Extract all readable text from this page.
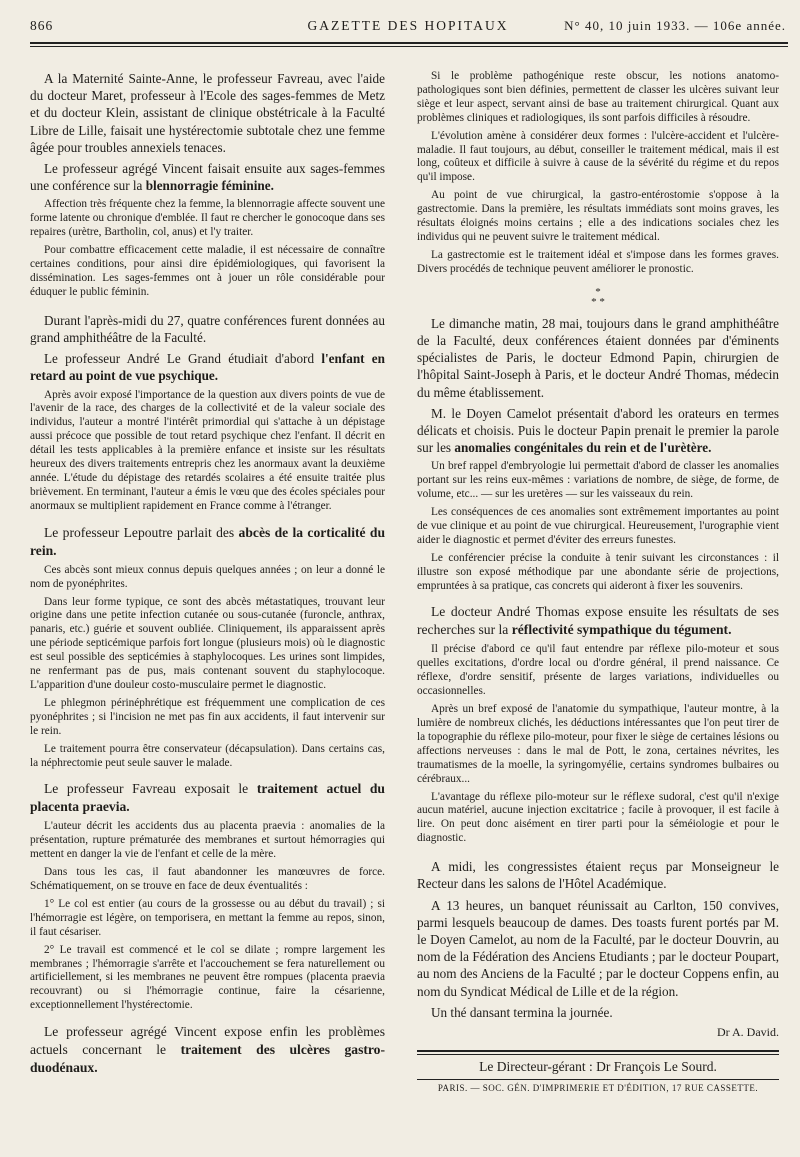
866	GAZETTE DES HOPITAUX	N° 40, 10 juin 1933. — 106e année.

A la Maternité Sainte-Anne, le professeur Favreau, avec l'aide du docteur Maret, professeur à l'Ecole des sages-femmes de Metz et du docteur Klein, assistant de clinique obstétricale à la Faculté Libre de Lille, faisait une hystérectomie subtotale chez une femme âgée pour troubles annexiels tenaces.

Le professeur agrégé Vincent faisait ensuite aux sages-femmes une conférence sur la blennorragie féminine.

Affection très fréquente chez la femme, la blennorragie affecte souvent une forme latente ou chronique d'emblée. Il faut re chercher le gonocoque dans ses repaires (urètre, Bartholin, col, anus) et l'y traiter.

Pour combattre efficacement cette maladie, il est nécessaire de connaître certaines conditions, pour ainsi dire épidémiologiques, qui favorisent la dissémination. Les sages-femmes ont à jouer un rôle considérable pour éduquer le public féminin.

Durant l'après-midi du 27, quatre conférences furent données au grand amphithéâtre de la Faculté.

Le professeur André Le Grand étudiait d'abord l'enfant en retard au point de vue psychique.

Après avoir exposé l'importance de la question aux divers points de vue de l'avenir de la race, des charges de la collectivité et de la valeur sociale des individus, l'auteur a montré l'intérêt primordial qui s'attache à un dépistage aussi précoce que possible de tout retard psychique chez l'enfant. Il décrit en détail les tests applicables à la première enfance et insiste sur les résultats heureux des divers traitements entrepris chez les anormaux avant la deuxième année. L'étude du dépistage des retardés scolaires a été ensuite traitée plus brièvement. En terminant, l'auteur a émis le vœu que des écoles spéciales pour anormaux se multiplient rapidement en France comme à l'étranger.

Le professeur Lepoutre parlait des abcès de la corticalité du rein.

Ces abcès sont mieux connus depuis quelques années ; on leur a donné le nom de pyonéphrites.

Dans leur forme typique, ce sont des abcès métastatiques, trouvant leur origine dans une petite infection cutanée ou sous-cutanée (furoncle, anthrax, panaris, etc.) guérie et souvent oubliée. Cliniquement, ils apparaissent après une période septicémique parfois fort longue (plusieurs mois) où le diagnostic est seul possible des septicémies à staphylocoques. Les urines sont limpides, ne renfermant pas de pus, mais contenant souvent du staphylocoque. L'apparition d'une douleur costo-musculaire permet le diagnostic.

Le phlegmon périnéphrétique est fréquemment une complication de ces pyonéphrites ; si l'incision ne met pas fin aux accidents, il faut intervenir sur le rein.

Le traitement pourra être conservateur (décapsulation). Dans certains cas, la néphrectomie peut seule sauver le malade.

Le professeur Favreau exposait le traitement actuel du placenta praevia.

L'auteur décrit les accidents dus au placenta praevia : anomalies de la présentation, rupture prématurée des membranes et surtout hémorragies qui mettent en danger la vie de l'enfant et celle de la mère.

Dans tous les cas, il faut abandonner les manœuvres de force. Schématiquement, on se trouve en face de deux éventualités :

1° Le col est entier (au cours de la grossesse ou au début du travail) ; si l'hémorragie est légère, on temporisera, en mettant la femme au repos, sinon, il faut césariser.

2° Le travail est commencé et le col se dilate ; rompre largement les membranes ; l'hémorragie s'arrête et l'accouchement se fera naturellement ou artificiellement, si les membranes ne peuvent être rompues (placenta praevia recouvrant) ou si l'hémorragie continue, faire la césarienne, exceptionnellement l'hystérectomie.

Le professeur agrégé Vincent expose enfin les problèmes actuels concernant le traitement des ulcères gastro-duodénaux.

Si le problème pathogénique reste obscur, les notions anatomo-pathologiques sont bien définies, permettent de classer les ulcères suivant leur siège et leur aspect, servant ainsi de base au traitement chirurgical. Quant aux problèmes cliniques et radiologiques, ils sont parfois difficiles à résoudre.

L'évolution amène à considérer deux formes : l'ulcère-accident et l'ulcère-maladie. Il faut toujours, au début, conseiller le traitement médical, mais il est long, coûteux et difficile à suivre à cause de la sévérité du régime et du repos qu'il impose.

Au point de vue chirurgical, la gastro-entérostomie s'oppose à la gastrectomie. Dans la première, les résultats immédiats sont moins graves, les résultats éloignés moins certains ; elle a des indications sociales chez les individus qui ne peuvent suivre le traitement médical.

La gastrectomie est le traitement idéal et s'impose dans les formes graves. Divers procédés de technique peuvent améliorer le pronostic.

*
* *

Le dimanche matin, 28 mai, toujours dans le grand amphithéâtre de la Faculté, deux conférences étaient données par d'éminents spécialistes de Paris, le docteur Edmond Papin, chirurgien de l'hôpital Saint-Joseph à Paris, et le docteur André Thomas, médecin du même établissement.

M. le Doyen Camelot présentait d'abord les orateurs en termes délicats et choisis. Puis le docteur Papin prenait le premier la parole sur les anomalies congénitales du rein et de l'urètère.

Un bref rappel d'embryologie lui permettait d'abord de classer les anomalies portant sur les reins eux-mêmes : variations de nombre, de siège, de forme, de volume, etc... — sur les uretères — sur les vaisseaux du rein.

Les conséquences de ces anomalies sont extrêmement importantes au point de vue clinique et au point de vue chirurgical. Heureusement, l'urographie vient aider le diagnostic et permet d'éviter des erreurs funestes.

Le conférencier précise la conduite à tenir suivant les circonstances : il illustre son exposé méthodique par une abondante série de projections, empruntées à sa pratique, cas concrets qui aideront à fixer les souvenirs.

Le docteur André Thomas expose ensuite les résultats de ses recherches sur la réflectivité sympathique du tégument.

Il précise d'abord ce qu'il faut entendre par réflexe pilo-moteur et sous quelles excitations, d'ordre local ou d'ordre général, il prend naissance. Ce réflexe, d'ordre sensitif, présente de larges variations, individuelles ou occasionnelles.

Après un bref exposé de l'anatomie du sympathique, l'auteur montre, à la lumière de nombreux clichés, les déductions intéressantes que l'on peut tirer de la topographie du réflexe pilo-moteur, pour fixer le siège de certaines lésions ou affections nerveuses : dans le mal de Pott, le zona, certaines névrites, les traumatismes de la moelle, la syringomyélie, certains syndromes bulbaires ou cérébraux...

L'avantage du réflexe pilo-moteur sur le réflexe sudoral, c'est qu'il n'exige aucun matériel, aucune injection excitatrice ; facile à provoquer, il est facile à lire. On peut donc aisément en tirer parti pour la séméiologie et pour le diagnostic.

A midi, les congressistes étaient reçus par Monseigneur le Recteur dans les salons de l'Hôtel Académique.

A 13 heures, un banquet réunissait au Carlton, 150 convives, parmi lesquels beaucoup de dames. Des toasts furent portés par M. le Doyen Camelot, au nom de la Faculté, par le docteur Douvrin, au nom de la Fédération des Anciens Etudiants ; par le docteur Poupart, au nom des Anciens de la Faculté ; par le docteur Coppens enfin, au nom du Syndicat Médical de Lille et de la région.

Un thé dansant termina la journée.

Dr A. David.
Le Directeur-gérant : Dr François Le Sourd.
PARIS. — SOC. GÉN. D'IMPRIMERIE ET D'ÉDITION, 17 RUE CASSETTE.
